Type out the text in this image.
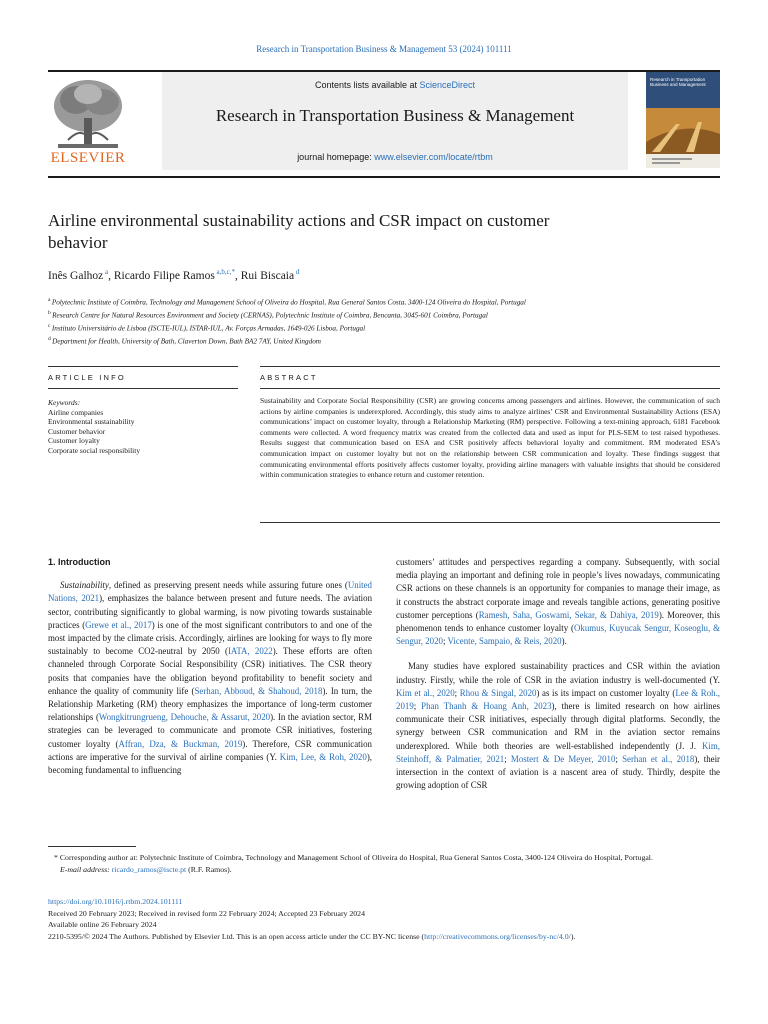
Research in Transportation Business & Management 53 (2024) 101111
ELSEVIER
Contents lists available at ScienceDirect
Research in Transportation Business & Management
journal homepage: www.elsevier.com/locate/rtbm
Research in Transportation Business and Management
Airline environmental sustainability actions and CSR impact on customer behavior
Inês Galhoz $^a$, Ricardo Filipe Ramos $^{a,b,c,*}$, Rui Biscaia $^d$
$^a$ Polytechnic Institute of Coimbra, Technology and Management School of Oliveira do Hospital, Rua General Santos Costa, 3400-124 Oliveira do Hospital, Portugal
$^b$ Research Centre for Natural Resources Environment and Society (CERNAS), Polytechnic Institute of Coimbra, Bencanta, 3045-601 Coimbra, Portugal
$^c$ Instituto Universitário de Lisboa (ISCTE-IUL), ISTAR-IUL, Av. Forças Armadas, 1649-026 Lisboa, Portugal
$^d$ Department for Health, University of Bath, Claverton Down, Bath BA2 7AY, United Kingdom
ARTICLE INFO	ABSTRACT
Keywords:
Airline companies
Environmental sustainability
Customer behavior
Customer loyalty
Corporate social responsibility
Sustainability and Corporate Social Responsibility (CSR) are growing concerns among passengers and airlines. However, the communication of such actions by airline companies is underexplored. Accordingly, this study aims to analyze airlines’ CSR and Environmental Sustainability Actions (ESA) communications’ impact on customer loyalty, through a Relationship Marketing (RM) perspective. Following a text-mining approach, 6181 Facebook comments were collected. A word frequency matrix was created from the collected data and used as input for PLS-SEM to test raised hypotheses. Results suggest that communication based on ESA and CSR positively affects behavioral loyalty and commitment. RM moderated ESA’s communication impact on customer loyalty but not on the relationship between CSR communication and loyalty. These findings suggest that communicating environmental efforts positively affects customer loyalty, providing airline managers with valuable insights that should be considered within communication strategies to enhance return and customer retention.
1. Introduction

Sustainability, defined as preserving present needs while assuring future ones (United Nations, 2021), emphasizes the balance between present and future needs. The aviation sector, contributing significantly to global warming, is now pivoting towards sustainable practices (Grewe et al., 2017) is one of the most significant contributors to and one of the most impacted by the climate crisis. Accordingly, airlines are looking for ways to fly more sustainably to become CO2-neutral by 2050 (IATA, 2022). These efforts are often channeled through Corporate Social Responsibility (CSR) initiatives. The CSR theory posits that companies have the obligation beyond profitability to benefit society and enhance the quality of community life (Serhan, Abboud, & Shahoud, 2018). In turn, the Relationship Marketing (RM) theory emphasizes the importance of long-term customer relationships (Wongkitrungrueng, Dehouche, & Assarut, 2020). In the aviation sector, RM strategies can be leveraged to communicate and promote CSR initiatives, fostering customer loyalty (Affran, Dza, & Buckman, 2019). Therefore, CSR communication actions are imperative for the survival of airline companies (Y. Kim, Lee, & Roh, 2020), becoming fundamental to influencing

customers’ attitudes and perspectives regarding a company. Subsequently, with social media playing an important and defining role in people’s lives nowadays, communicating CSR actions on these channels is an opportunity for companies to manage their image, as it constructs the abstract corporate image and reveals tangible actions, generating positive customer perceptions (Ramesh, Saha, Goswami, Sekar, & Dahiya, 2019). Moreover, this phenomenon tends to enhance customer loyalty (Okumus, Kuyucak Sengur, Koseoglu, & Sengur, 2020; Vicente, Sampaio, & Reis, 2020).

Many studies have explored sustainability practices and CSR within the aviation industry. Firstly, while the role of CSR in the aviation industry is well-documented (Y. Kim et al., 2020; Rhou & Singal, 2020) as is its impact on customer loyalty (Lee & Roh., 2019; Phan Thanh & Hoang Anh, 2023), there is limited research on how airlines communicate their CSR initiatives, especially through digital platforms. Secondly, the synergy between CSR communication and RM in the aviation sector remains underexplored. While both theories are well-established independently (J. J. Kim, Steinhoff, & Palmatier, 2021; Mostert & De Meyer, 2010; Serhan et al., 2018), their intersection in the context of aviation is a nascent area of study. Thirdly, despite the growing adoption of CSR

* Corresponding author at: Polytechnic Institute of Coimbra, Technology and Management School of Oliveira do Hospital, Rua General Santos Costa, 3400-124 Oliveira do Hospital, Portugal.
E-mail address: ricardo_ramos@iscte.pt (R.F. Ramos).
https://doi.org/10.1016/j.rtbm.2024.101111
Received 20 February 2023; Received in revised form 22 February 2024; Accepted 23 February 2024
Available online 26 February 2024
2210-5395/© 2024 The Authors. Published by Elsevier Ltd. This is an open access article under the CC BY-NC license (http://creativecommons.org/licenses/by-nc/4.0/).
